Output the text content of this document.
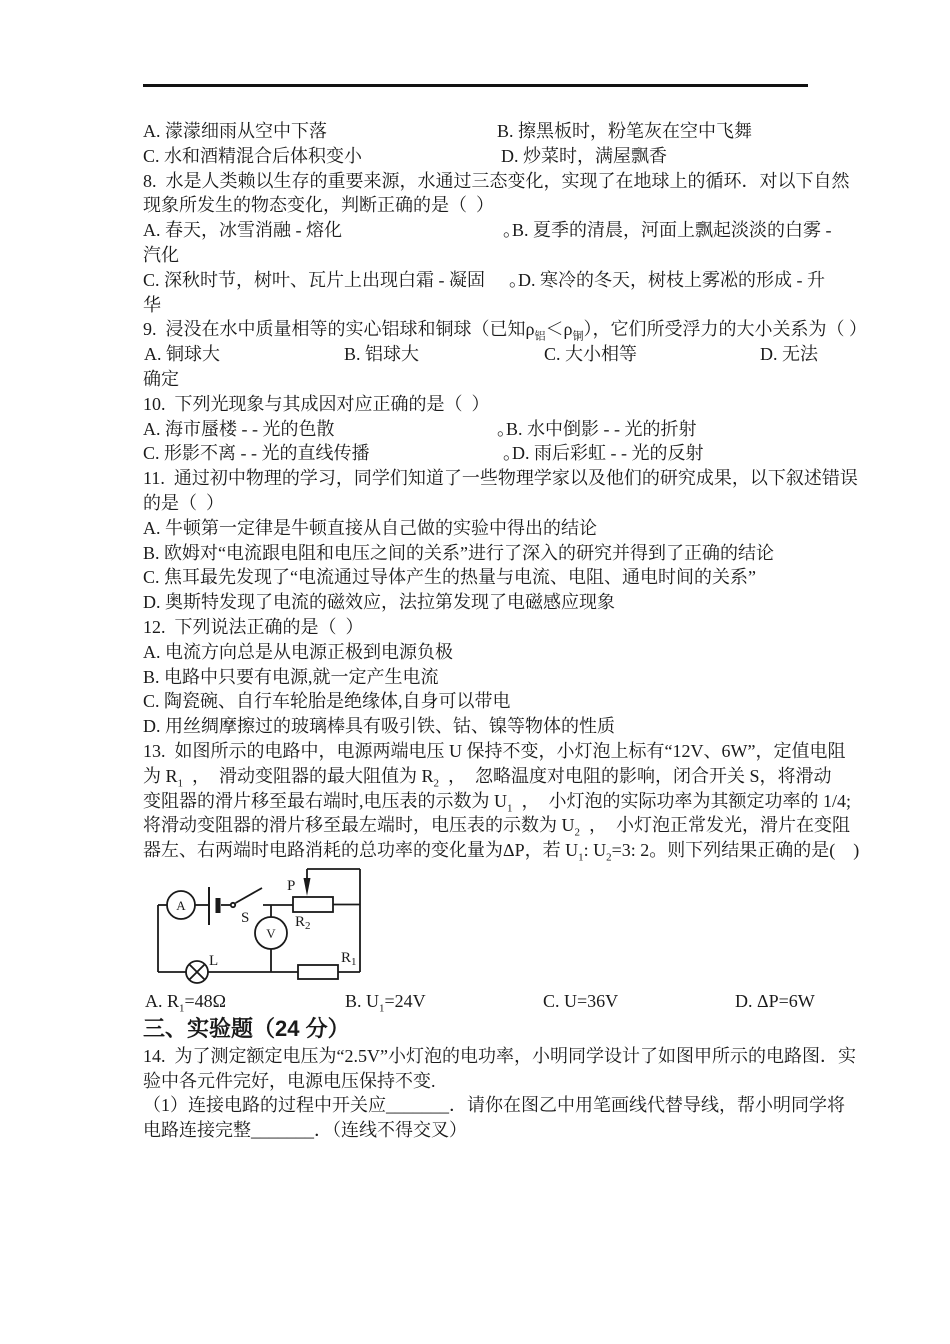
A. 濛濛细雨从空中下落

	B. 擦黑板时，粉笔灰在空中飞舞

C. 水和酒精混合后体积变小

	D. 炒菜时，满屋飘香

8.  水是人类赖以生存的重要来源，水通过三态变化，实现了在地球上的循环．对以下自然
现象所发生的物态变化，判断正确的是（  ）

A. 春天，冰雪消融 - 熔化

	｡B. 夏季的清晨，河面上飘起淡淡的白雾 -

汽化

C. 深秋时节，树叶、瓦片上出现白霜 - 凝固

｡D. 寒冷的冬天，树枝上雾凇的形成 - 升

华
9.  浸没在水中质量相等的实心铝球和铜球（已知$\rho_铝<\rho_铜$），它们所受浮力的大小关系为（ ）

A. 铜球大

	B. 铝球大

	C. 大小相等

	D. 无法

确定
10.  下列光现象与其成因对应正确的是（  ）

A. 海市蜃楼 - - 光的色散

	｡B. 水中倒影 - - 光的折射

C. 形影不离 - - 光的直线传播

	｡D. 雨后彩虹 - - 光的反射

11.  通过初中物理的学习，同学们知道了一些物理学家以及他们的研究成果，以下叙述错误
的是（  ）
A. 牛顿第一定律是牛顿直接从自己做的实验中得出的结论
B. 欧姆对“电流跟电阻和电压之间的关系”进行了深入的研究并得到了正确的结论
C. 焦耳最先发现了“电流通过导体产生的热量与电流、电阻、通电时间的关系”
D. 奥斯特发现了电流的磁效应，法拉第发现了电磁感应现象
12.  下列说法正确的是（  ）
A. 电流方向总是从电源正极到电源负极
B. 电路中只要有电源,就一定产生电流
C. 陶瓷碗、自行车轮胎是绝缘体,自身可以带电
D. 用丝绸摩擦过的玻璃棒具有吸引铁、钴、镍等物体的性质
13.  如图所示的电路中，电源两端电压 U 保持不变，小灯泡上标有“12V、6W”，定值电阻
为 $R_1$  ，  滑动变阻器的最大阻值为 $R_2$  ，  忽略温度对电阻的影响，闭合开关 S，将滑动
变阻器的滑片移至最右端时,电压表的示数为 $U_1$  ，  小灯泡的实际功率为其额定功率的 1/4;
将滑动变阻器的滑片移至最左端时，电压表的示数为 $U_2$  ，  小灯泡正常发光，滑片在变阻
器左、右两端时电路消耗的总功率的变化量为ΔP，若 $U_1$: $U_2=3$: 2。则下列结果正确的是(    )
A
V
S
P
$R_2$
L	$R_1$

A. $R_1=48\Omega$

	B. $U_1=24V$

	C. U=36V

	D. ΔP=6W

三、实验题（24 分）
14.  为了测定额定电压为“2.5V”小灯泡的电功率，小明同学设计了如图甲所示的电路图．实
验中各元件完好，电源电压保持不变.
（1）连接电路的过程中开关应_______．请你在图乙中用笔画线代替导线，帮小明同学将
电路连接完整_______．（连线不得交叉）
